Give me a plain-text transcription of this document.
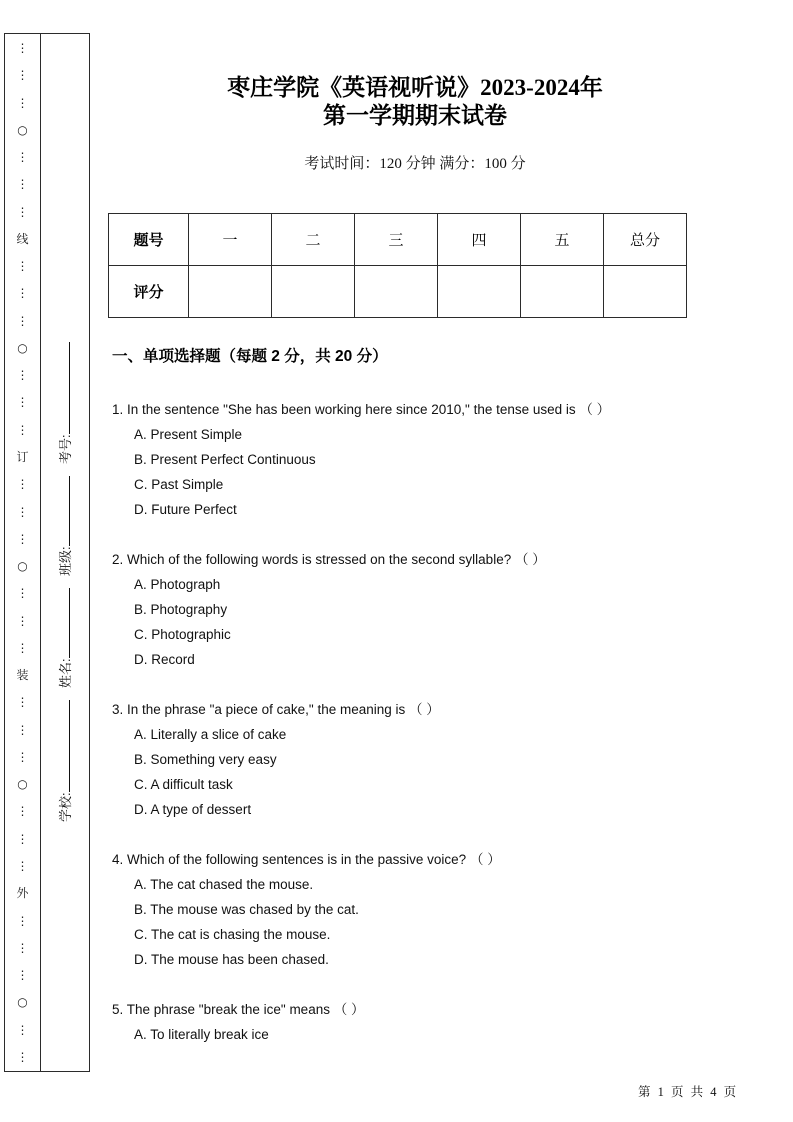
⋮
⋮
⋮
○
⋮
⋮
⋮
线
⋮
⋮
⋮
○
⋮
⋮
⋮
订
⋮
⋮
⋮
○
⋮
⋮
⋮
装
⋮
⋮
⋮
○
⋮
⋮
⋮
外
⋮
⋮
⋮
○
⋮
⋮
考号:
班级:
姓名:
学校:
枣庄学院《英语视听说》2023-2024年
第一学期期末试卷
考试时间：120 分钟 满分：100 分
题号	一	二	三	四	五	总分
评分						
一、单项选择题（每题 2 分，共 20 分）
1. In the sentence "She has been working here since 2010," the tense used is （ ）
A. Present Simple
B. Present Perfect Continuous
C. Past Simple
D. Future Perfect
2. Which of the following words is stressed on the second syllable? （ ）
A. Photograph
B. Photography
C. Photographic
D. Record
3. In the phrase "a piece of cake," the meaning is （ ）
A. Literally a slice of cake
B. Something very easy
C. A difficult task
D. A type of dessert
4. Which of the following sentences is in the passive voice? （ ）
A. The cat chased the mouse.
B. The mouse was chased by the cat.
C. The cat is chasing the mouse.
D. The mouse has been chased.
5. The phrase "break the ice" means （ ）
A. To literally break ice
第 1 页 共 4 页
